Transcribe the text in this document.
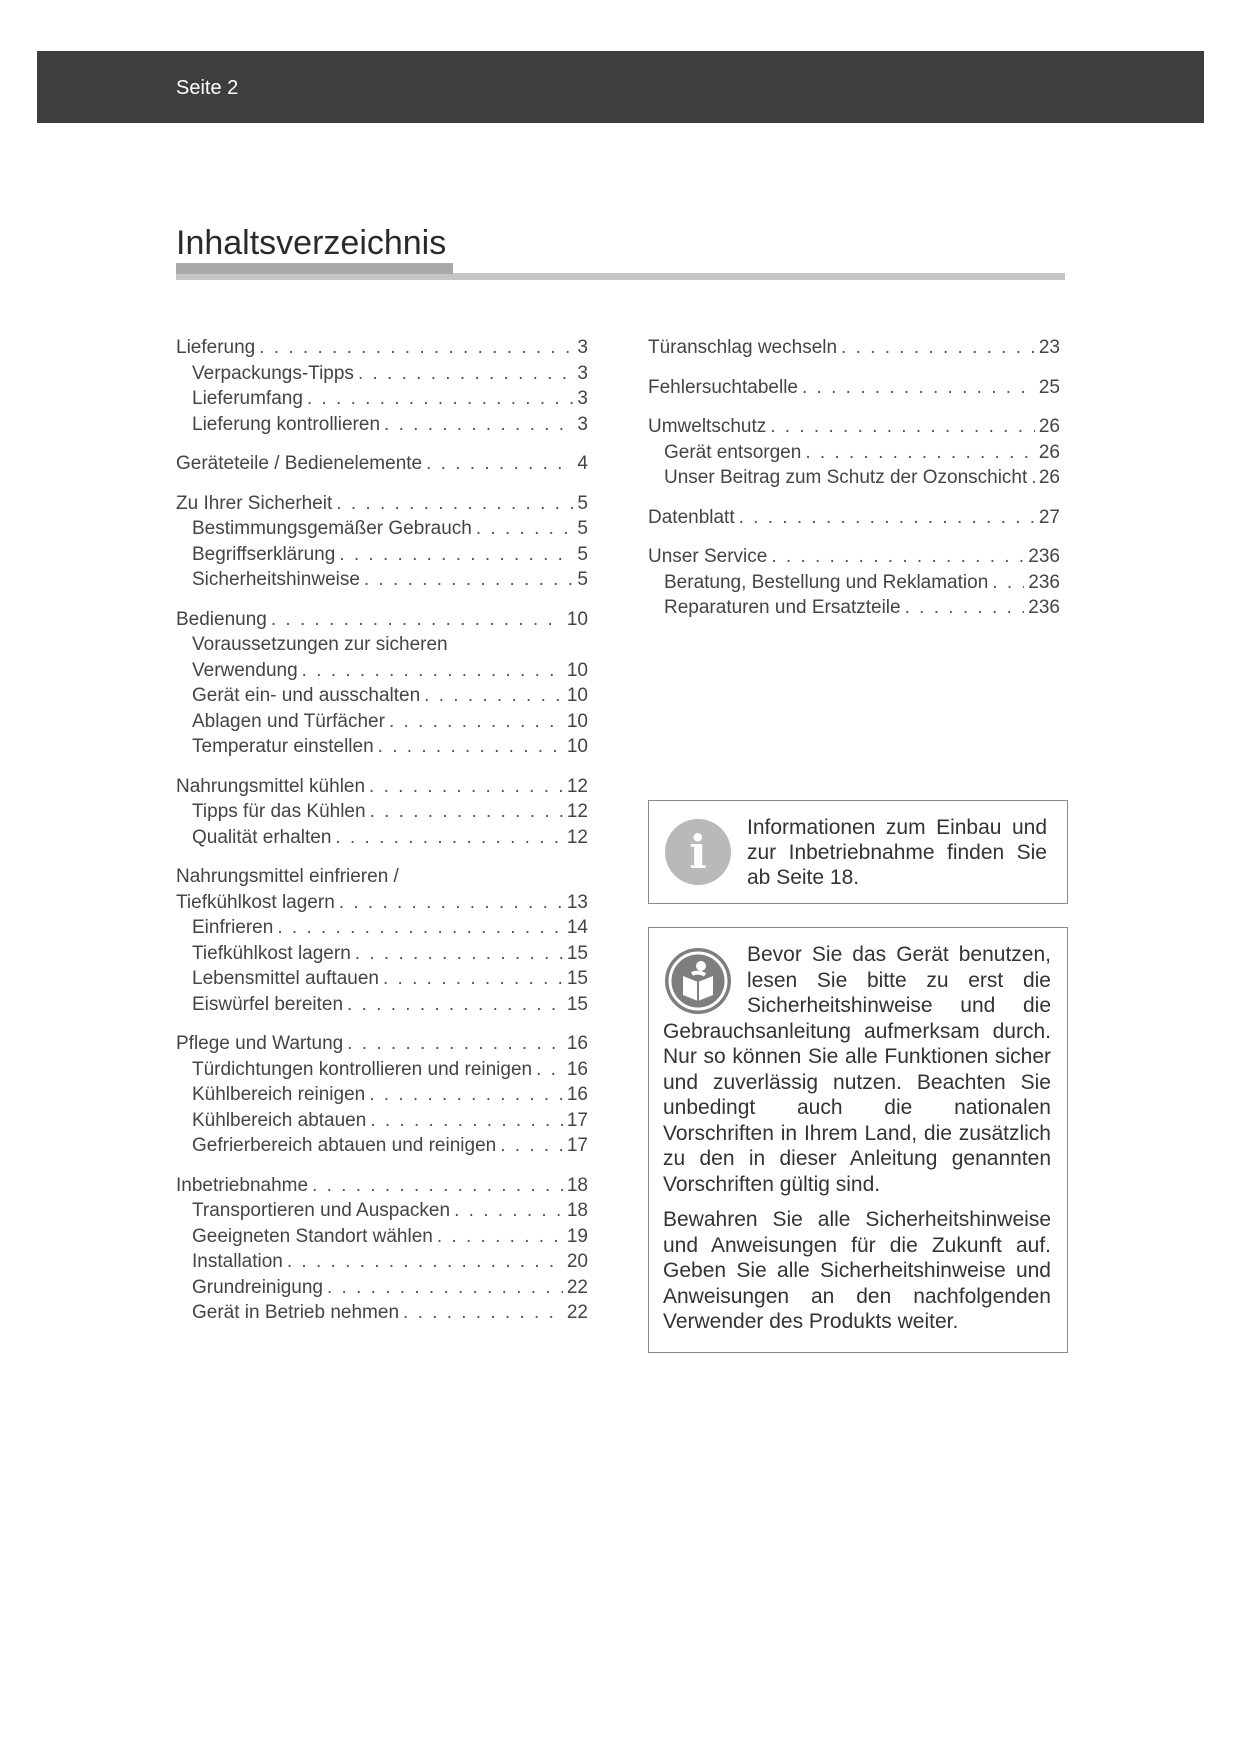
Seite 2
Inhaltsverzeichnis
Lieferung . . .	3
Verpackungs-Tipps . . .	3
Lieferumfang . . .	3
Lieferung kontrollieren . . .	3
Geräteteile / Bedienelemente . . .	4
Zu Ihrer Sicherheit . . .	5
Bestimmungsgemäßer Gebrauch . . .	5
Begriffserklärung . . .	5
Sicherheitshinweise . . .	5
Bedienung . . .	10
Voraussetzungen zur sicheren
Verwendung . . .	10
Gerät ein- und ausschalten . . .	10
Ablagen und Türfächer . . .	10
Temperatur einstellen . . .	10
Nahrungsmittel kühlen . . .	12
Tipps für das Kühlen . . .	12
Qualität erhalten . . .	12
Nahrungsmittel einfrieren /
Tiefkühlkost lagern . . .	13
Einfrieren . . .	14
Tiefkühlkost lagern . . .	15
Lebensmittel auftauen . . .	15
Eiswürfel bereiten . . .	15
Pflege und Wartung . . .	16
Türdichtungen kontrollieren und reinigen . . . 16
Kühlbereich reinigen . . .	16
Kühlbereich abtauen . . .	17
Gefrierbereich abtauen und reinigen . . .	17
Inbetriebnahme . . .	18
Transportieren und Auspacken . . .	18
Geeigneten Standort wählen . . .	19
Installation . . .	20
Grundreinigung . . .	22
Gerät in Betrieb nehmen . . .	22
Türanschlag wechseln . . .	23
Fehlersuchtabelle . . .	25
Umweltschutz . . .	26
Gerät entsorgen . . .	26
Unser Beitrag zum Schutz der Ozonschicht . . . 26
Datenblatt . . .	27
Unser Service . . .	236
Beratung, Bestellung und Reklamation . . . 236
Reparaturen und Ersatzteile . . .	236
i	Informationen zum Einbau und zur Inbetriebnahme finden Sie ab Seite 18.

Bevor Sie das Gerät benutzen, lesen Sie bitte zu erst die Sicherheitshinweise und die Gebrauchsanleitung aufmerksam durch. Nur so können Sie alle Funktionen sicher und zuverlässig nutzen. Beachten Sie unbedingt auch die nationalen Vorschriften in Ihrem Land, die zusätzlich zu den in dieser Anleitung genannten Vorschriften gültig sind.

Bewahren Sie alle Sicherheitshinweise und Anweisungen für die Zukunft auf. Geben Sie alle Sicherheitshinweise und Anweisungen an den nachfolgenden Verwender des Produkts weiter.
